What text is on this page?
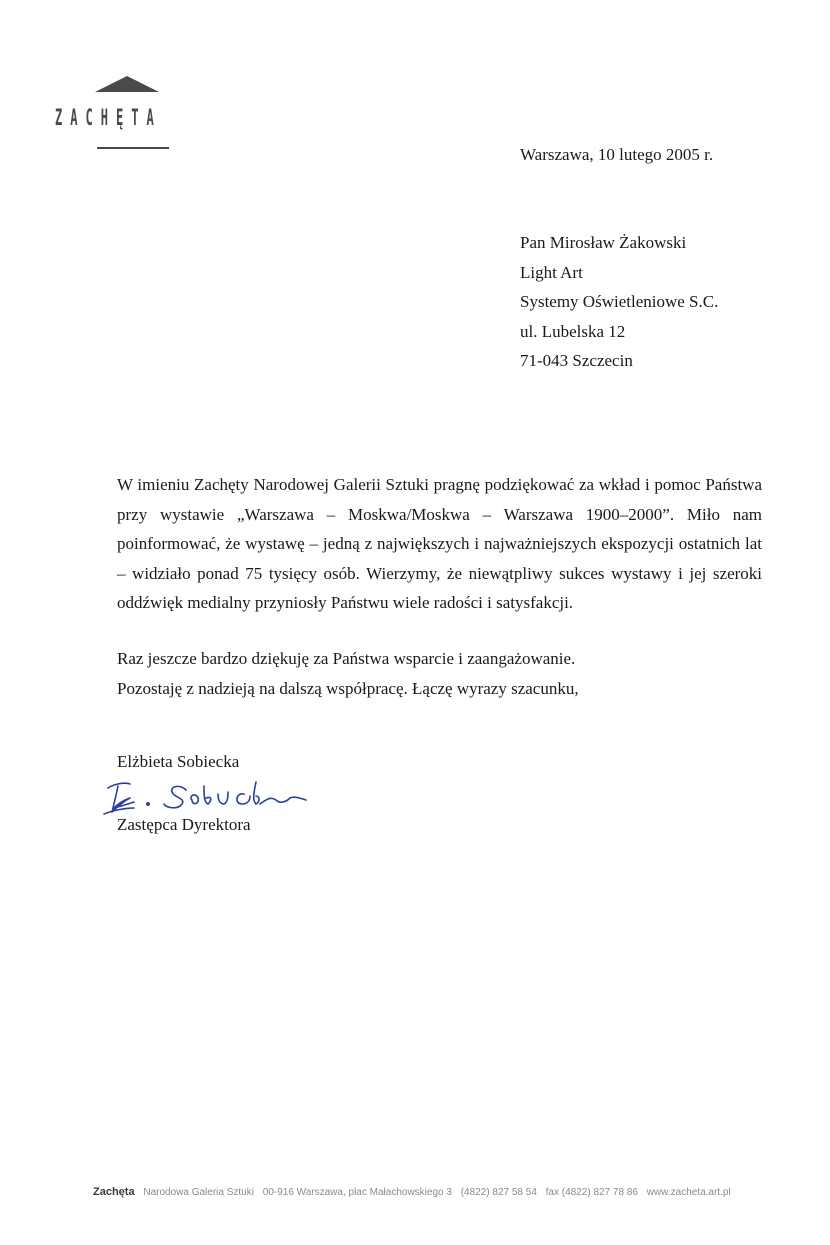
ZACHĘTA
Warszawa, 10 lutego 2005 r.
Pan Mirosław Żakowski
Light Art
Systemy Oświetleniowe S.C.
ul. Lubelska 12
71-043 Szczecin
W imieniu Zachęty Narodowej Galerii Sztuki pragnę podziękować za wkład i pomoc Państwa przy wystawie „Warszawa – Moskwa/Moskwa – Warszawa 1900–2000”. Miło nam poinformować, że wystawę – jedną z największych i najważniejszych ekspozycji ostatnich lat – widziało ponad 75 tysięcy osób. Wierzymy, że niewątpliwy sukces wystawy i jej szeroki oddźwięk medialny przyniosły Państwu wiele radości i satysfakcji.
Raz jeszcze bardzo dziękuję za Państwa wsparcie i zaangażowanie.
Pozostaję z nadzieją na dalszą współpracę. Łączę wyrazy szacunku,
Elżbieta Sobiecka
Zastępca Dyrektora
Zachęta Narodowa Galeria Sztuki 00-916 Warszawa, plac Małachowskiego 3 (4822) 827 58 54 fax (4822) 827 78 86 www.zacheta.art.pl
